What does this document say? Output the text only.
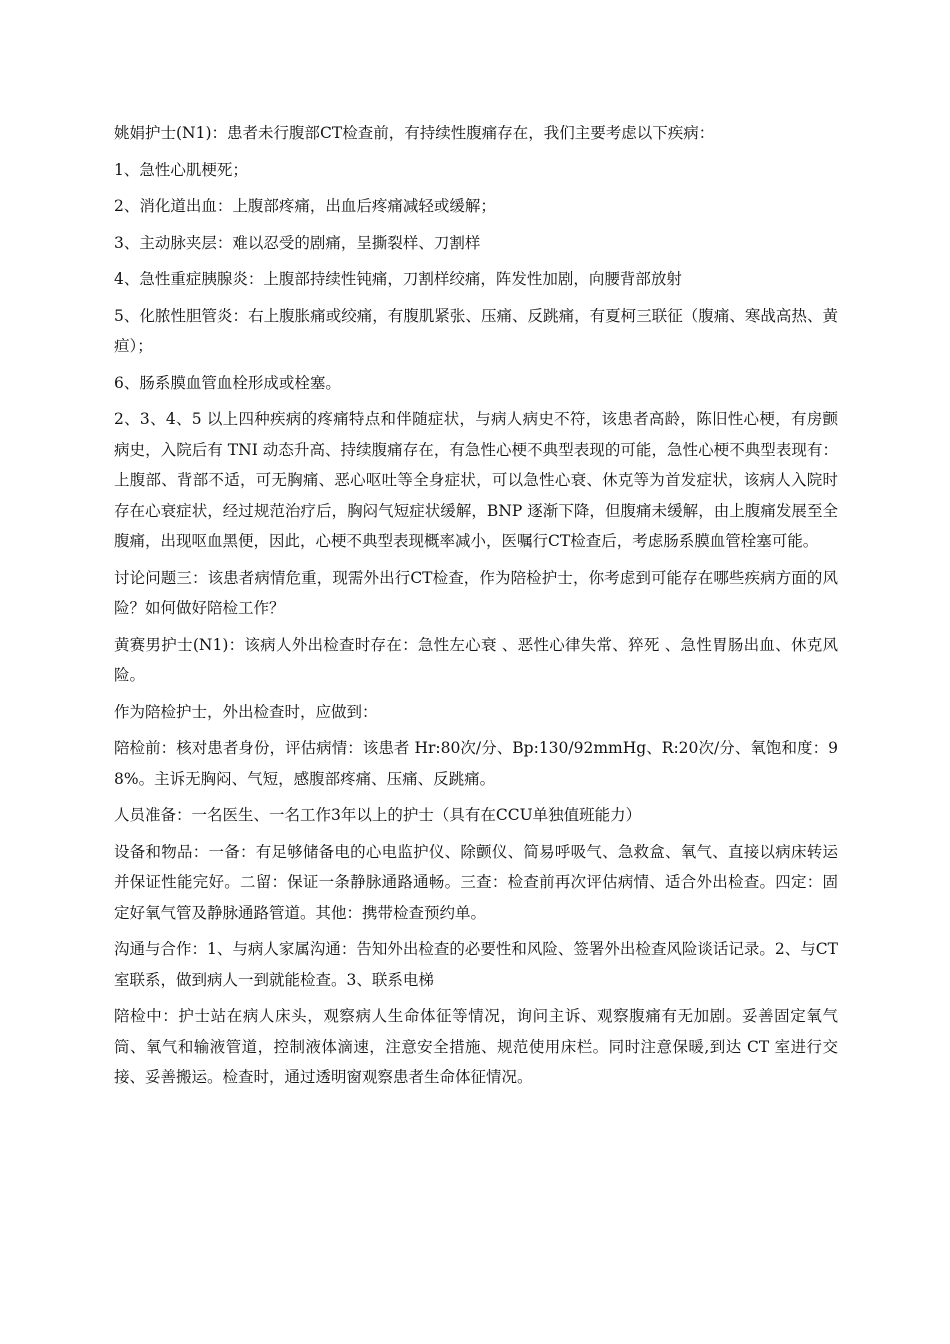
姚娟护士(N1)：患者未行腹部CT检查前，有持续性腹痛存在，我们主要考虑以下疾病：

1、急性心肌梗死；

2、消化道出血：上腹部疼痛，出血后疼痛减轻或缓解；

3、主动脉夹层：难以忍受的剧痛，呈撕裂样、刀割样

4、急性重症胰腺炎：上腹部持续性钝痛，刀割样绞痛，阵发性加剧，向腰背部放射

5、化脓性胆管炎：右上腹胀痛或绞痛，有腹肌紧张、压痛、反跳痛，有夏柯三联征（腹痛、寒战高热、黄疸）；

6、肠系膜血管血栓形成或栓塞。

2、3、4、5 以上四种疾病的疼痛特点和伴随症状，与病人病史不符，该患者高龄，陈旧性心梗，有房颤病史，入院后有 TNI 动态升高、持续腹痛存在，有急性心梗不典型表现的可能，急性心梗不典型表现有：上腹部、背部不适，可无胸痛、恶心呕吐等全身症状，可以急性心衰、休克等为首发症状，该病人入院时存在心衰症状，经过规范治疗后，胸闷气短症状缓解，BNP 逐渐下降，但腹痛未缓解，由上腹痛发展至全腹痛，出现呕血黑便，因此，心梗不典型表现概率减小，医嘱行CT检查后，考虑肠系膜血管栓塞可能。

讨论问题三：该患者病情危重，现需外出行CT检查，作为陪检护士，你考虑到可能存在哪些疾病方面的风险？如何做好陪检工作？

黄赛男护士(N1)：该病人外出检查时存在：急性左心衰 、恶性心律失常、猝死 、急性胃肠出血、休克风险。

作为陪检护士，外出检查时，应做到：

陪检前：核对患者身份，评估病情：该患者 Hr:80次/分、Bp:130/92mmHg、R:20次/分、氧饱和度：98%。主诉无胸闷、气短，感腹部疼痛、压痛、反跳痛。

人员准备：一名医生、一名工作3年以上的护士（具有在CCU单独值班能力）

设备和物品：一备：有足够储备电的心电监护仪、除颤仪、简易呼吸气、急救盒、氧气、直接以病床转运并保证性能完好。二留：保证一条静脉通路通畅。三查：检查前再次评估病情、适合外出检查。四定：固定好氧气管及静脉通路管道。其他：携带检查预约单。

沟通与合作：1、与病人家属沟通：告知外出检查的必要性和风险、签署外出检查风险谈话记录。2、与CT室联系，做到病人一到就能检查。3、联系电梯

陪检中：护士站在病人床头，观察病人生命体征等情况，询问主诉、观察腹痛有无加剧。妥善固定氧气筒、氧气和输液管道，控制液体滴速，注意安全措施、规范使用床栏。同时注意保暖,到达 CT 室进行交接、妥善搬运。检查时，通过透明窗观察患者生命体征情况。
